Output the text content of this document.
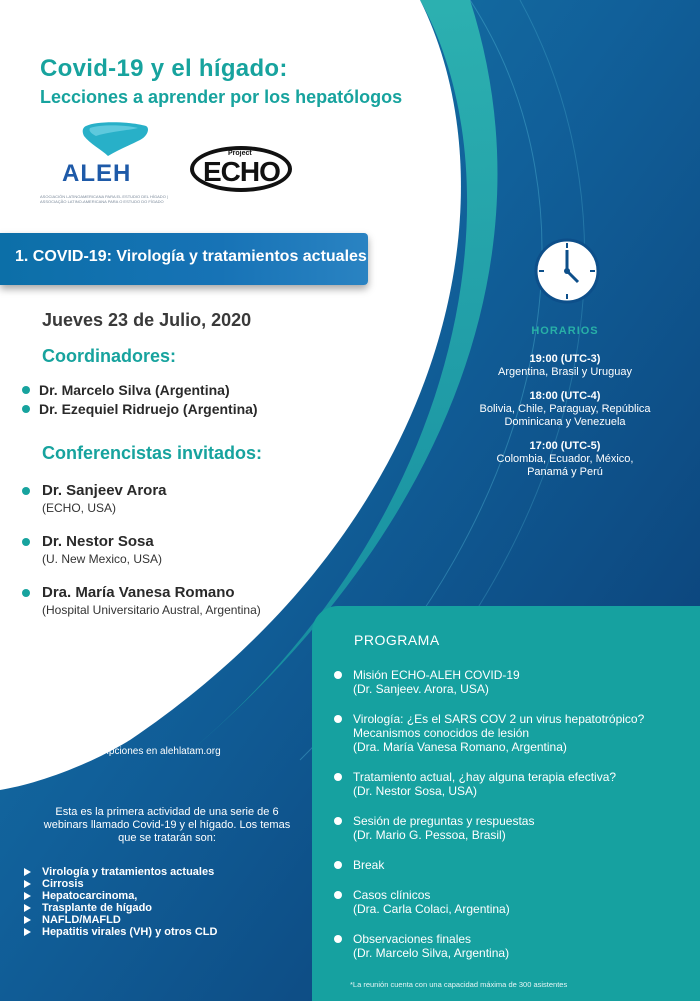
Covid-19 y el hígado:
Lecciones a aprender por los hepatólogos
ALEH
ASOCIACIÓN LATINOAMERICANA PARA EL ESTUDIO DEL HÍGADO | ASSOCIAÇÃO LATINO-AMERICANA PARA O ESTUDO DO FÍGADO
Project
ECHO
1. COVID-19: Virología y tratamientos actuales
Jueves 23 de Julio, 2020
Coordinadores:
Dr. Marcelo Silva (Argentina)
Dr. Ezequiel Ridruejo (Argentina)
Conferencistas invitados:
Dr. Sanjeev Arora
(ECHO, USA)
Dr. Nestor Sosa
(U. New Mexico, USA)
Dra. María Vanesa Romano
(Hospital Universitario Austral, Argentina)
HORARIOS
19:00 (UTC-3)
Argentina, Brasil y Uruguay
18:00 (UTC-4)
Bolivia, Chile, Paraguay, República Dominicana y Venezuela
17:00 (UTC-5)
Colombia, Ecuador, México, Panamá y Perú
PROGRAMA
Misión ECHO-ALEH COVID-19
(Dr. Sanjeev. Arora, USA)
Virología: ¿Es el SARS COV 2 un virus hepatotrópico? Mecanismos conocidos de lesión
(Dra. María Vanesa Romano, Argentina)
Tratamiento actual, ¿hay alguna terapia efectiva?
(Dr. Nestor Sosa, USA)
Sesión de preguntas y respuestas
(Dr. Mario G. Pessoa, Brasil)
Break
Casos clínicos
(Dra. Carla Colaci, Argentina)
Observaciones finales
(Dr. Marcelo Silva, Argentina)
*La reunión cuenta con una capacidad máxima de 300 asistentes
Inscripciones en alehlatam.org
Esta es la primera actividad de una serie de 6 webinars llamado Covid-19 y el hígado. Los temas que se tratarán son:
Virología y tratamientos actuales
Cirrosis
Hepatocarcinoma,
Trasplante de hígado
NAFLD/MAFLD
Hepatitis virales (VH) y otros CLD
